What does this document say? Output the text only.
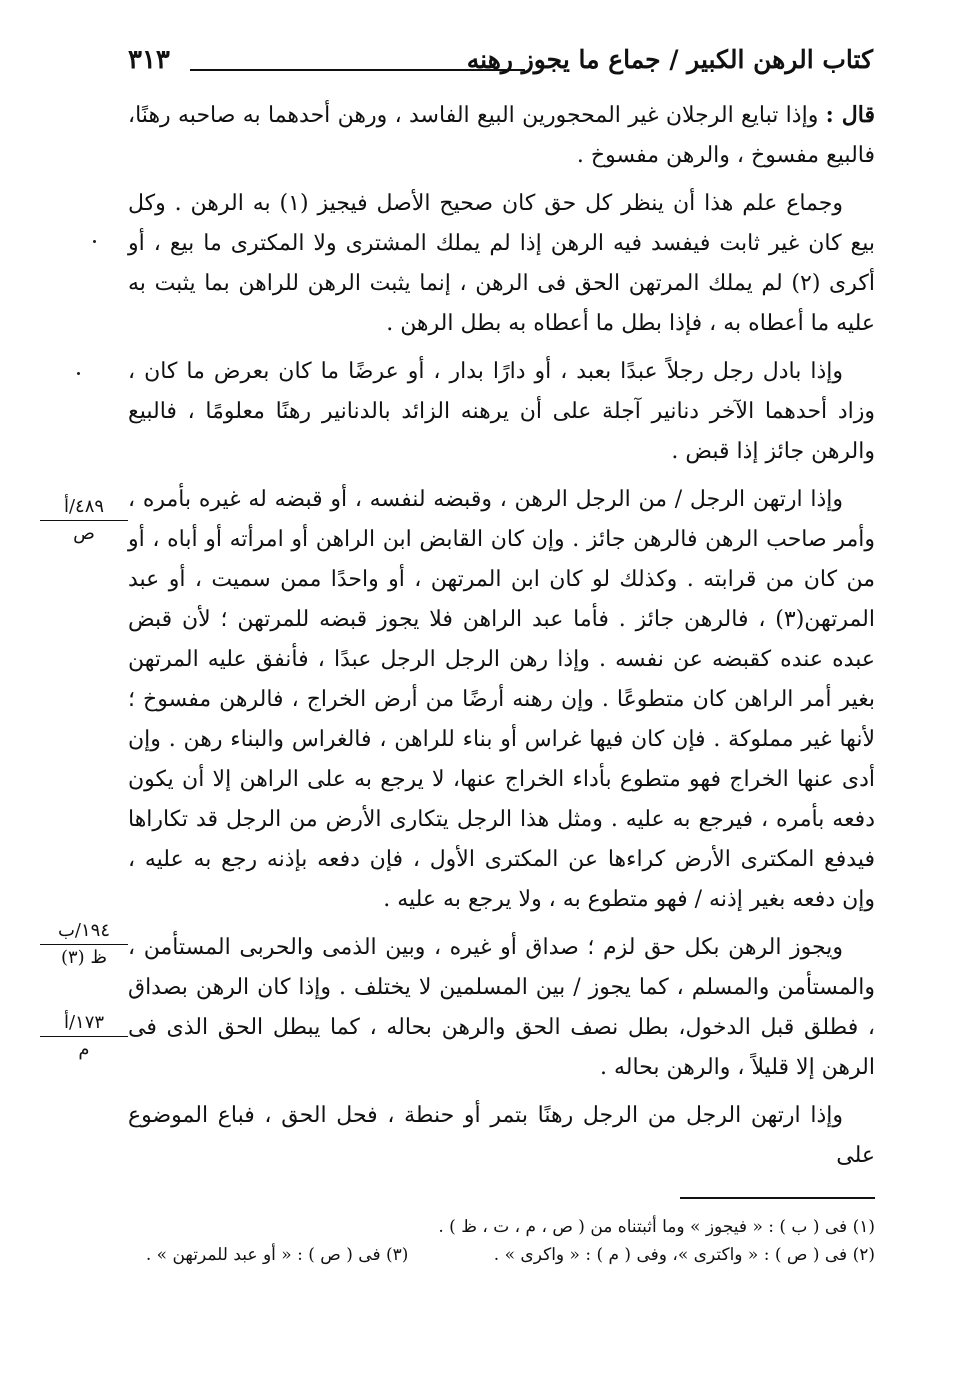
كتاب الرهن الكبير / جماع ما يجوز رهنه
٣١٣

قال : وإذا تبايع الرجلان غير المحجورين البيع الفاسد ، ورهن أحدهما به صاحبه رهنًا، فالبيع مفسوخ ، والرهن مفسوخ .

وجماع علم هذا أن ينظر كل حق كان صحيح الأصل فيجيز (١) به الرهن . وكل بيع كان غير ثابت فيفسد فيه الرهن إذا لم يملك المشترى ولا المكترى ما بيع ، أو أكرى (٢) لم يملك المرتهن الحق فى الرهن ، إنما يثبت الرهن للراهن بما يثبت به عليه ما أعطاه به ، فإذا بطل ما أعطاه به بطل الرهن .

وإذا بادل رجل رجلاً عبدًا بعبد ، أو دارًا بدار ، أو عرضًا ما كان بعرض ما كان ، وزاد أحدهما الآخر دنانير آجلة على أن يرهنه الزائد بالدنانير رهنًا معلومًا ، فالبيع والرهن جائز إذا قبض .

وإذا ارتهن الرجل / من الرجل الرهن ، وقبضه لنفسه ، أو قبضه له غيره بأمره ، وأمر صاحب الرهن فالرهن جائز . وإن كان القابض ابن الراهن أو امرأته أو أباه ، أو من كان من قرابته . وكذلك لو كان ابن المرتهن ، أو واحدًا ممن سميت ، أو عبد المرتهن(٣) ، فالرهن جائز . فأما عبد الراهن فلا يجوز قبضه للمرتهن ؛ لأن قبض عبده عنده كقبضه عن نفسه . وإذا رهن الرجل الرجل عبدًا ، فأنفق عليه المرتهن بغير أمر الراهن كان متطوعًا . وإن رهنه أرضًا من أرض الخراج ، فالرهن مفسوخ ؛ لأنها غير مملوكة . فإن كان فيها غراس أو بناء للراهن ، فالغراس والبناء رهن . وإن أدى عنها الخراج فهو متطوع بأداء الخراج عنها، لا يرجع به على الراهن إلا أن يكون دفعه بأمره ، فيرجع به عليه . ومثل هذا الرجل يتكارى الأرض من الرجل قد تكاراها فيدفع المكترى الأرض كراءها عن المكترى الأول ، فإن دفعه بإذنه رجع به عليه ، وإن دفعه بغير إذنه / فهو متطوع به ، ولا يرجع به عليه .

ويجوز الرهن بكل حق لزم ؛ صداق أو غيره ، وبين الذمى والحربى المستأمن ، والمستأمن والمسلم ، كما يجوز / بين المسلمين لا يختلف . وإذا كان الرهن بصداق ، فطلق قبل الدخول، بطل نصف الحق والرهن بحاله ، كما يبطل الحق الذى فى الرهن إلا قليلاً ، والرهن بحاله .

وإذا ارتهن الرجل من الرجل رهنًا بتمر أو حنطة ، فحل الحق ، فباع الموضوع على

٤٨٩/أ
ص
١٩٤/ب
ظ (٣)
١٧٣/أ
م

(١) فى ( ب ) : « فيجوز » وما أثبتناه من ( ص ، م ، ت ، ظ ) .

(٢) فى ( ص ) : « واكترى »، وفى ( م ) : « واكرى » . (٣) فى ( ص ) : « أو عبد للمرتهن » .
